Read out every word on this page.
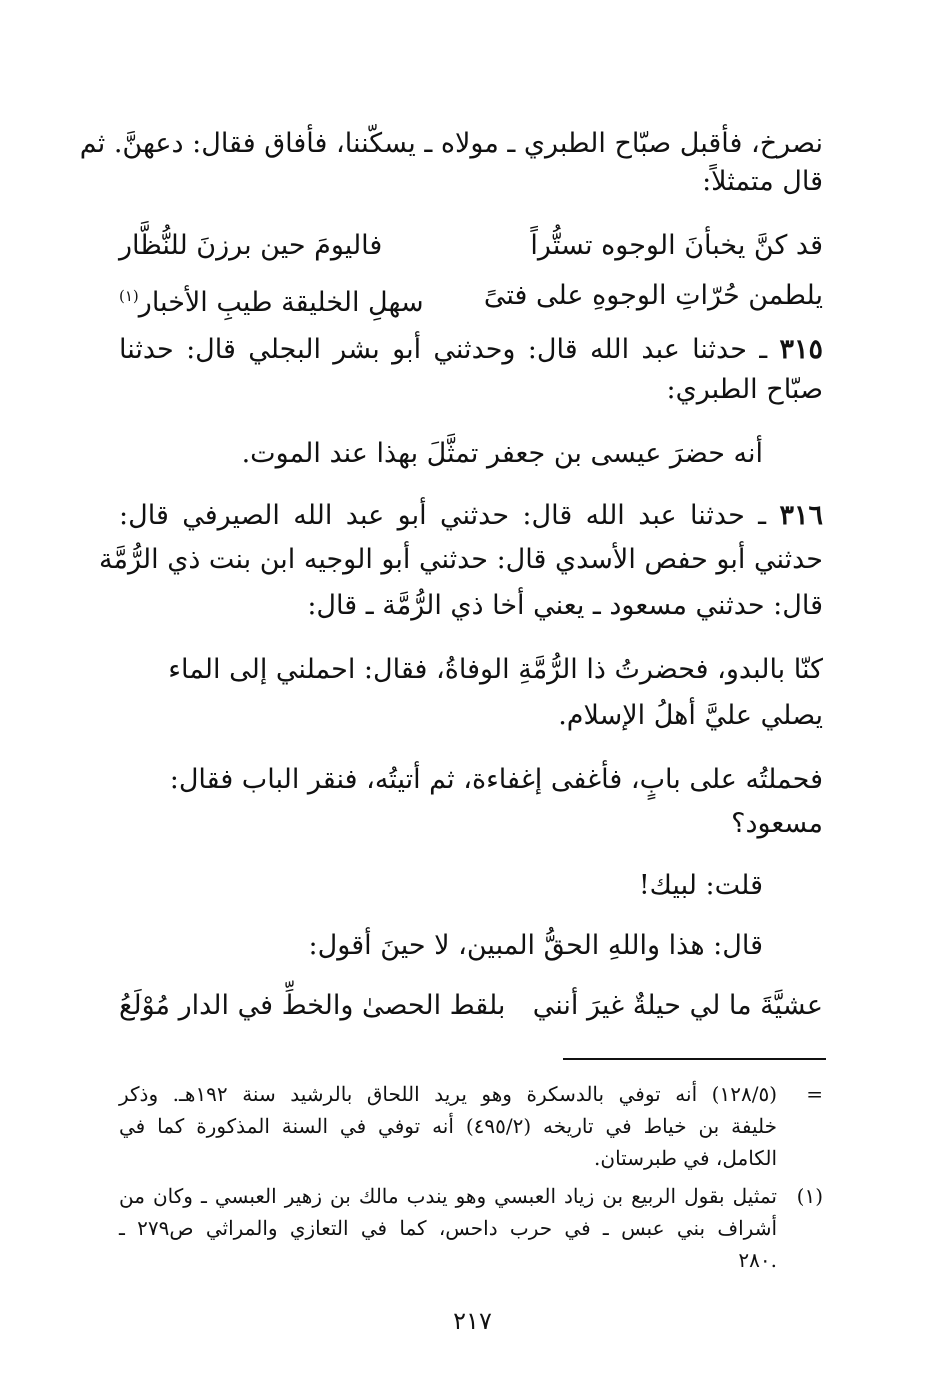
نصرخ، فأقبل صبّاح الطبري ـ مولاه ـ يسكّننا، فأفاق فقال: دعهنَّ. ثم
قال متمثلاً:
قد كنَّ يخبأنَ الوجوه تستُّراً
فاليومَ حين برزنَ للنُّظَّار
يلطمن حُرّاتِ الوجوهِ على فتىً
سهلِ الخليقة طيبِ الأخبار$^{(١)}$
٣١٥ ـ حدثنا عبد الله قال: وحدثني أبو بشر البجلي قال: حدثنا
صبّاح الطبري:
أنه حضرَ عيسى بن جعفر تمثَّلَ بهذا عند الموت.
٣١٦ ـ حدثنا عبد الله قال: حدثني أبو عبد الله الصيرفي قال:
حدثني أبو حفص الأسدي قال: حدثني أبو الوجيه ابن بنت ذي الرُّمَّة
قال: حدثني مسعود ـ يعني أخا ذي الرُّمَّة ـ قال:
كنّا بالبدو، فحضرتُ ذا الرُّمَّةِ الوفاةُ، فقال: احملني إلى الماء
يصلي عليَّ أهلُ الإسلام.
فحملتُه على بابٍ، فأغفى إغفاءة، ثم أتيتُه، فنقر الباب فقال:
مسعود؟
قلت: لبيك!
قال: هذا واللهِ الحقُّ المبين، لا حينَ أقول:
عشيَّةَ ما لي حيلةٌ غيرَ أنني
بلقط الحصىٰ والخطِّ في الدار مُوْلَعُ
=
(١٢٨/٥) أنه توفي بالدسكرة وهو يريد اللحاق بالرشيد سنة ١٩٢هـ. وذكر
خليفة بن خياط في تاريخه (٤٩٥/٢) أنه توفي في السنة المذكورة كما في
الكامل، في طبرستان.
(١)
تمثيل بقول الربيع بن زياد العبسي وهو يندب مالك بن زهير العبسي ـ وكان من
أشراف بني عبس ـ في حرب داحس، كما في التعازي والمراثي ص٢٧٩ ـ
.٢٨٠
٢١٧
